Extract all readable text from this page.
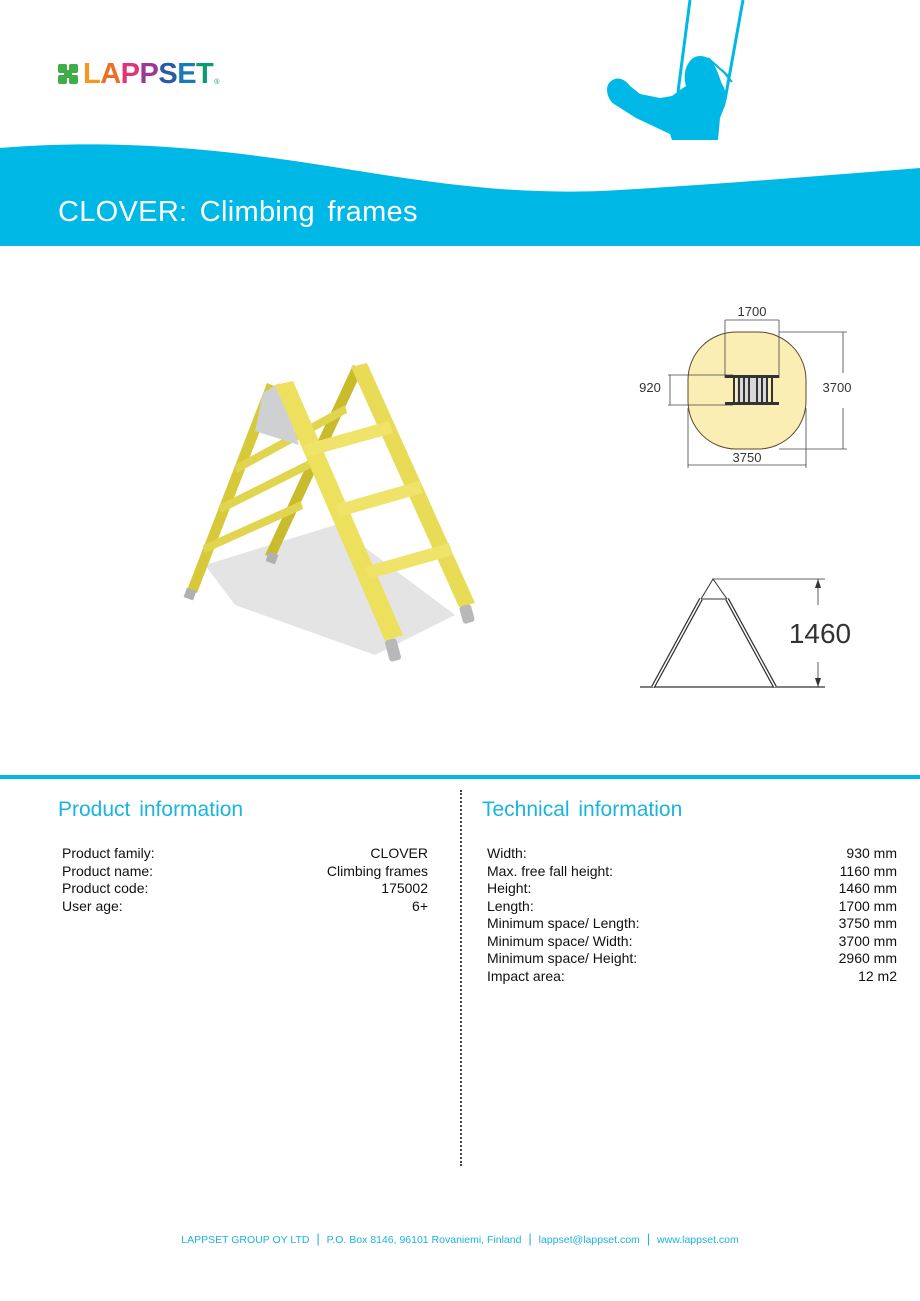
LAPPSET ®
CLOVER: Climbing frames
1700
920	3700
3750
1460
Product information
Product family:	CLOVER
Product name:	Climbing frames
Product code:	175002
User age:	6+
Technical information
Width:	930 mm
Max. free fall height:	1160 mm
Height:	1460 mm
Length:	1700 mm
Minimum space/ Length:	3750 mm
Minimum space/ Width:	3700 mm
Minimum space/ Height:	2960 mm
Impact area:	12 m2
LAPPSET GROUP OY LTD | P.O. Box 8146, 96101 Rovaniemi, Finland | lappset@lappset.com | www.lappset.com
